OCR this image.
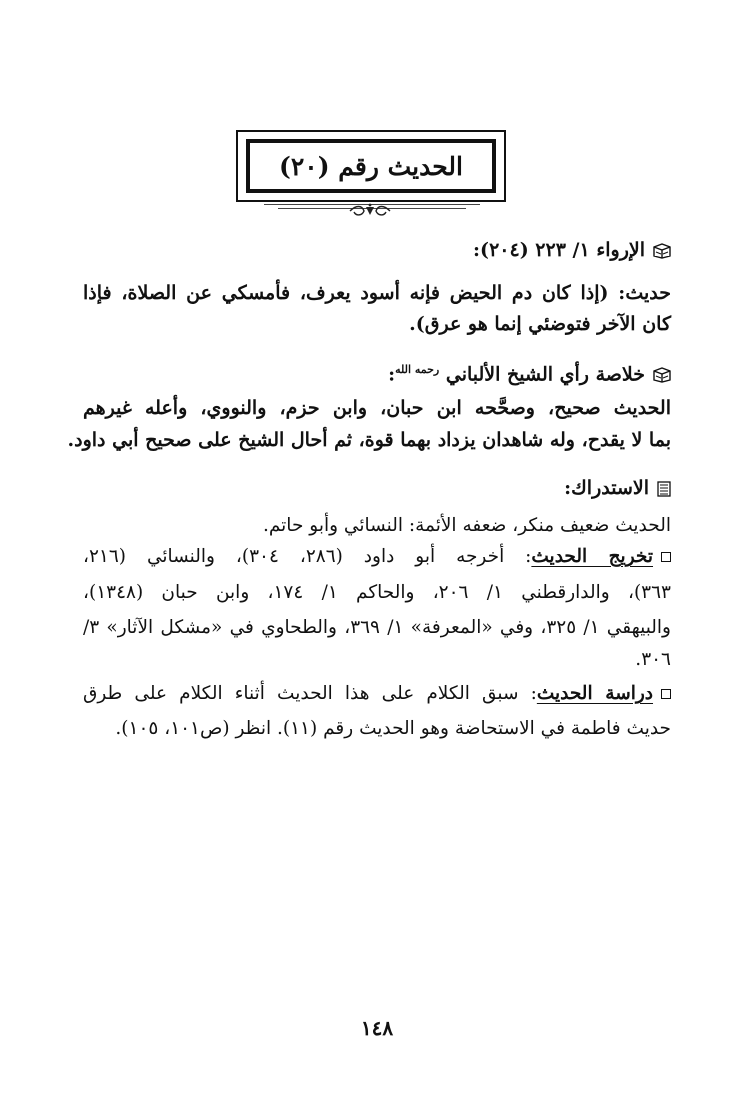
الحديث رقم (٢٠)
الإرواء ١/ ٢٢٣ (٢٠٤):
حديث: (إذا كان دم الحيض فإنه أسود يعرف، فأمسكي عن الصلاة، فإذا
كان الآخر فتوضئي إنما هو عرق).
خلاصة رأي الشيخ الألباني $^{رحمه الله}$:
الحديث صحيح، وصحَّحه ابن حبان، وابن حزم، والنووي، وأعله غيرهم
بما لا يقدح، وله شاهدان يزداد بهما قوة، ثم أحال الشيخ على صحيح أبي داود.
الاستدراك:
الحديث ضعيف منكر، ضعفه الأئمة: النسائي وأبو حاتم.
تخريج الحديث: أخرجه أبو داود (٢٨٦، ٣٠٤)، والنسائي (٢١٦،
٣٦٣)، والدارقطني ١/ ٢٠٦، والحاكم ١/ ١٧٤، وابن حبان (١٣٤٨)،
والبيهقي ١/ ٣٢٥، وفي «المعرفة» ١/ ٣٦٩، والطحاوي في «مشكل الآثار» ٣/
٣٠٦.
دراسة الحديث: سبق الكلام على هذا الحديث أثناء الكلام على طرق
حديث فاطمة في الاستحاضة وهو الحديث رقم (١١). انظر (ص١٠١، ١٠٥).
١٤٨
